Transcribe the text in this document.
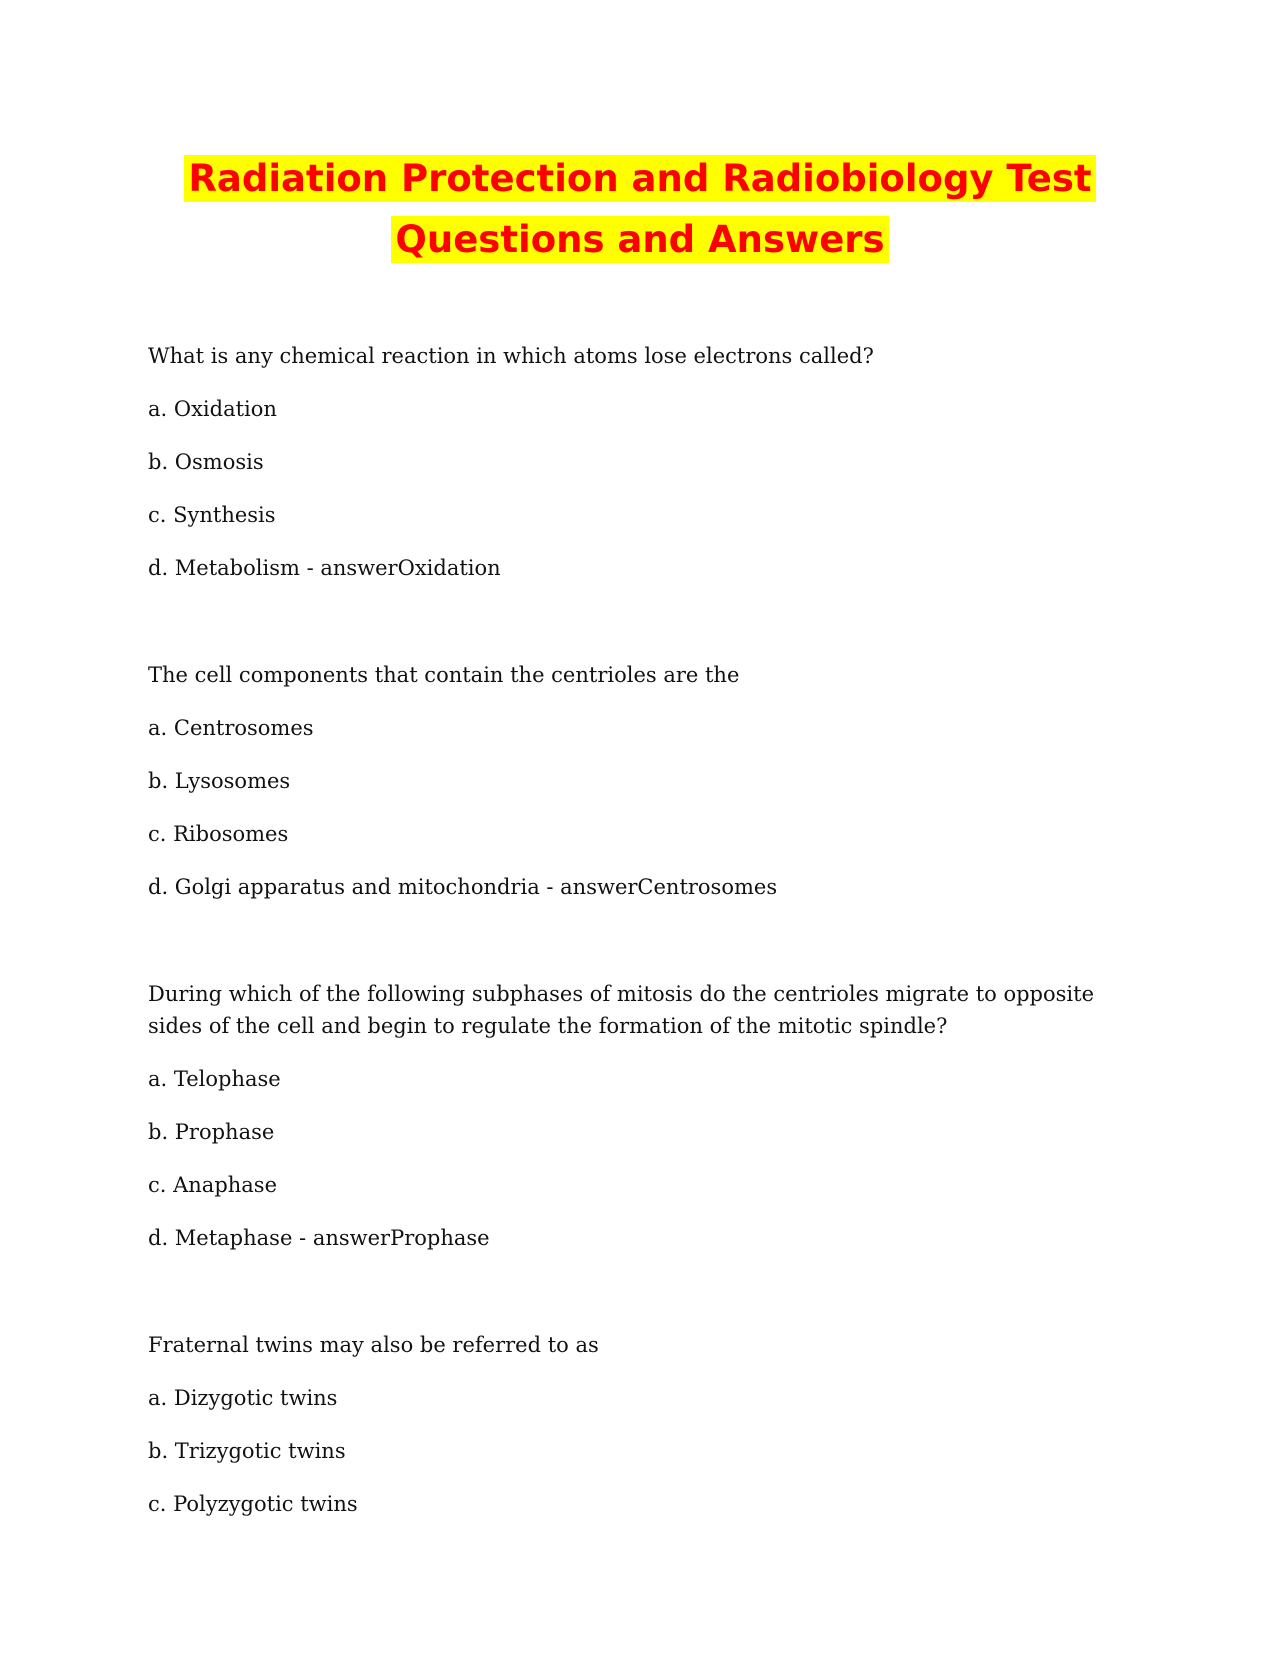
Radiation Protection and Radiobiology Test
Questions and Answers

What is any chemical reaction in which atoms lose electrons called?

a. Oxidation

b. Osmosis

c. Synthesis

d. Metabolism - answerOxidation

The cell components that contain the centrioles are the

a. Centrosomes

b. Lysosomes

c. Ribosomes

d. Golgi apparatus and mitochondria - answerCentrosomes

During which of the following subphases of mitosis do the centrioles migrate to opposite sides of the cell and begin to regulate the formation of the mitotic spindle?

a. Telophase

b. Prophase

c. Anaphase

d. Metaphase - answerProphase

Fraternal twins may also be referred to as

a. Dizygotic twins

b. Trizygotic twins

c. Polyzygotic twins
